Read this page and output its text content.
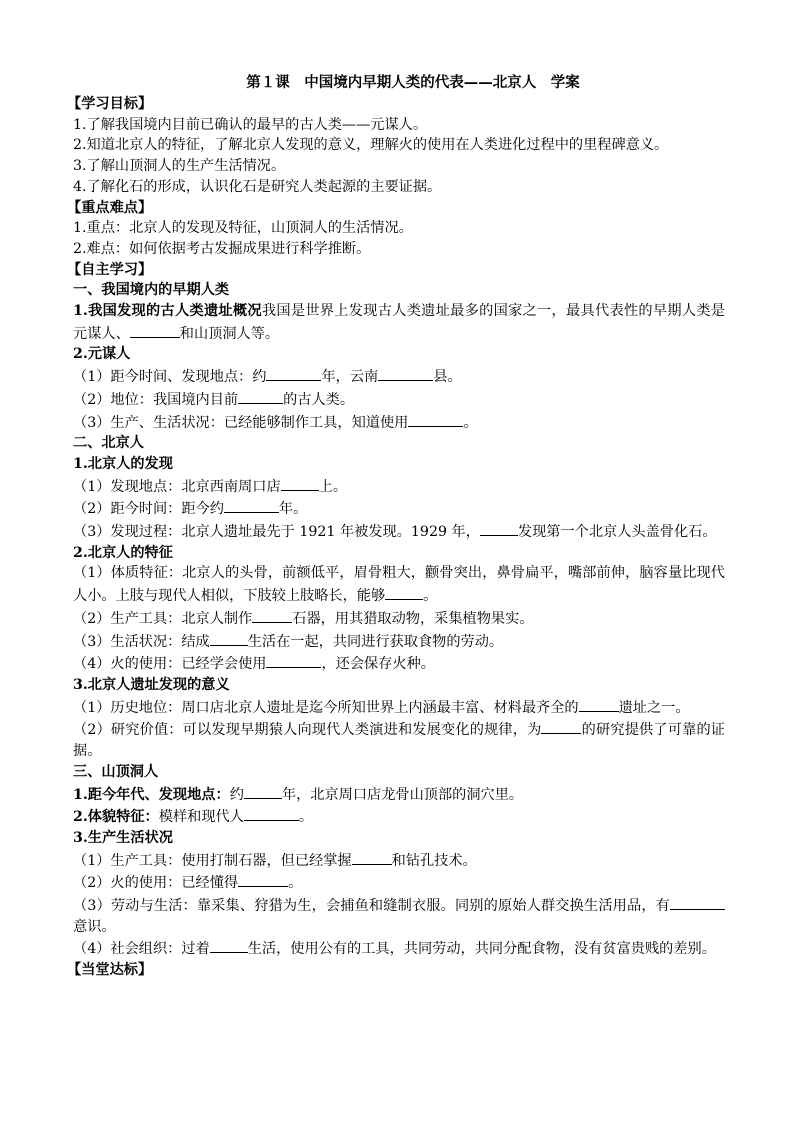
第１课　中国境内早期人类的代表——北京人　学案
【学习目标】
1.了解我国境内目前已确认的最早的古人类——元谋人。
2.知道北京人的特征，了解北京人发现的意义，理解火的使用在人类进化过程中的里程碑意义。
3.了解山顶洞人的生产生活情况。
4.了解化石的形成，认识化石是研究人类起源的主要证据。
【重点难点】
1.重点：北京人的发现及特征，山顶洞人的生活情况。
2.难点：如何依据考古发掘成果进行科学推断。
【自主学习】
一、我国境内的早期人类
1.我国发现的古人类遗址概况我国是世界上发现古人类遗址最多的国家之一，最具代表性的早期人类是元谋人、	和山顶洞人等。
2.元谋人
（1）距今时间、发现地点：约	年，云南	县。
（2）地位：我国境内目前	的古人类。
（3）生产、生活状况：已经能够制作工具，知道使用	。
二、北京人
1.北京人的发现
（1）发现地点：北京西南周口店	上。
（2）距今时间：距今约	年。
（3）发现过程：北京人遗址最先于 1921 年被发现。1929 年，	发现第一个北京人头盖骨化石。
2.北京人的特征
（1）体质特征：北京人的头骨，前额低平，眉骨粗大，颧骨突出，鼻骨扁平，嘴部前伸，脑容量比现代人小。上肢与现代人相似，下肢较上肢略长，能够	。
（2）生产工具：北京人制作	石器，用其猎取动物，采集植物果实。
（3）生活状况：结成	生活在一起，共同进行获取食物的劳动。
（4）火的使用：已经学会使用	，还会保存火种。
3.北京人遗址发现的意义
（1）历史地位：周口店北京人遗址是迄今所知世界上内涵最丰富、材料最齐全的	遗址之一。
（2）研究价值：可以发现早期猿人向现代人类演进和发展变化的规律，为	的研究提供了可靠的证据。
三、山顶洞人
1.距今年代、发现地点：约	年，北京周口店龙骨山顶部的洞穴里。
2.体貌特征：模样和现代人	。
3.生产生活状况
（1）生产工具：使用打制石器，但已经掌握	和钻孔技术。
（2）火的使用：已经懂得	。
（3）劳动与生活：靠采集、狩猎为生，会捕鱼和缝制衣服。同别的原始人群交换生活用品，有意识。
（4）社会组织：过着	生活，使用公有的工具，共同劳动，共同分配食物，没有贫富贵贱的差别。
【当堂达标】
